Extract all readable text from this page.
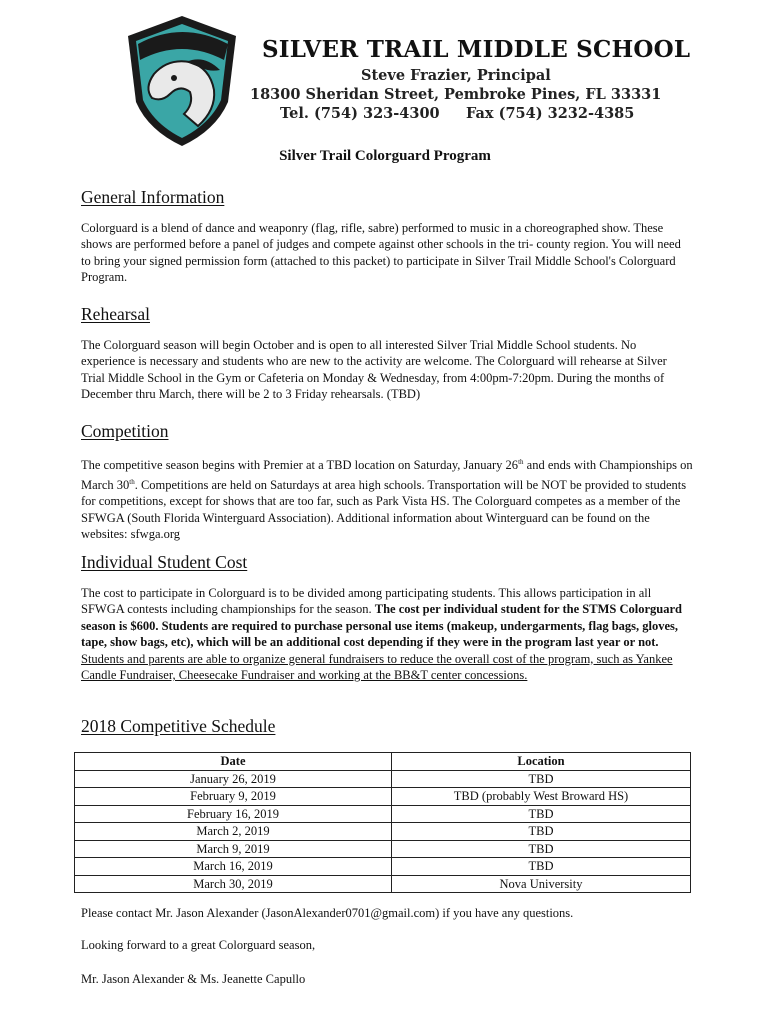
SILVER TRAIL MIDDLE SCHOOL
Steve Frazier, Principal
18300 Sheridan Street, Pembroke Pines, FL 33331
Tel. (754) 323-4300 Fax (754) 3232-4385
Silver Trail Colorguard Program
General Information

Colorguard is a blend of dance and weaponry (flag, rifle, sabre) performed to music in a choreographed show. These shows are performed before a panel of judges and compete against other schools in the tri- county region. You will need to bring your signed permission form (attached to this packet) to participate in Silver Trail Middle School's Colorguard Program.

Rehearsal

The Colorguard season will begin October and is open to all interested Silver Trial Middle School students. No experience is necessary and students who are new to the activity are welcome. The Colorguard will rehearse at Silver Trial Middle School in the Gym or Cafeteria on Monday & Wednesday, from 4:00pm-7:20pm. During the months of December thru March, there will be 2 to 3 Friday rehearsals. (TBD)

Competition

The competitive season begins with Premier at a TBD location on Saturday, January 26th and ends with Championships on March 30th. Competitions are held on Saturdays at area high schools. Transportation will be NOT be provided to students for competitions, except for shows that are too far, such as Park Vista HS. The Colorguard competes as a member of the SFWGA (South Florida Winterguard Association). Additional information about Winterguard can be found on the websites: sfwga.org

Individual Student Cost

The cost to participate in Colorguard is to be divided among participating students. This allows participation in all SFWGA contests including championships for the season. The cost per individual student for the STMS Colorguard season is $600. Students are required to purchase personal use items (makeup, undergarments, flag bags, gloves, tape, show bags, etc), which will be an additional cost depending if they were in the program last year or not. Students and parents are able to organize general fundraisers to reduce the overall cost of the program, such as Yankee Candle Fundraiser, Cheesecake Fundraiser and working at the BB&T center concessions.

2018 Competitive Schedule
Date	Location
January 26, 2019	TBD
February 9, 2019	TBD (probably West Broward HS)
February 16, 2019	TBD
March 2, 2019	TBD
March 9, 2019	TBD
March 16, 2019	TBD
March 30, 2019	Nova University
Please contact Mr. Jason Alexander (JasonAlexander0701@gmail.com) if you have any questions.
Looking forward to a great Colorguard season,
Mr. Jason Alexander & Ms. Jeanette Capullo
